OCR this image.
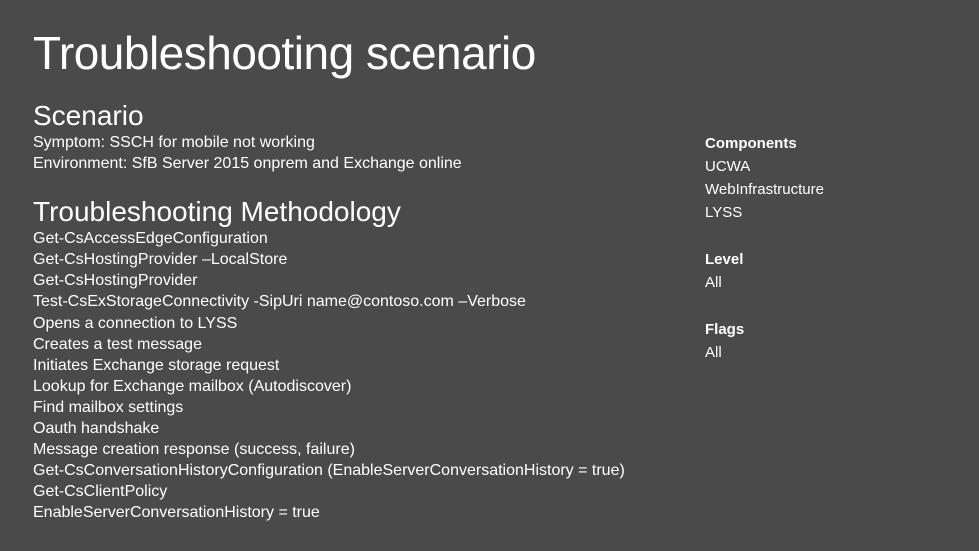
Troubleshooting scenario
Scenario
Symptom: SSCH for mobile not working
Environment: SfB Server 2015 onprem and Exchange online
Troubleshooting Methodology
Get-CsAccessEdgeConfiguration
Get-CsHostingProvider –LocalStore
Get-CsHostingProvider
Test-CsExStorageConnectivity -SipUri name@contoso.com –Verbose
Opens a connection to LYSS
Creates a test message
Initiates Exchange storage request
Lookup for Exchange mailbox (Autodiscover)
Find mailbox settings
Oauth handshake
Message creation response (success, failure)
Get-CsConversationHistoryConfiguration (EnableServerConversationHistory = true)
Get-CsClientPolicy
EnableServerConversationHistory = true
Components
UCWA
WebInfrastructure
LYSS
Level
All
Flags
All
